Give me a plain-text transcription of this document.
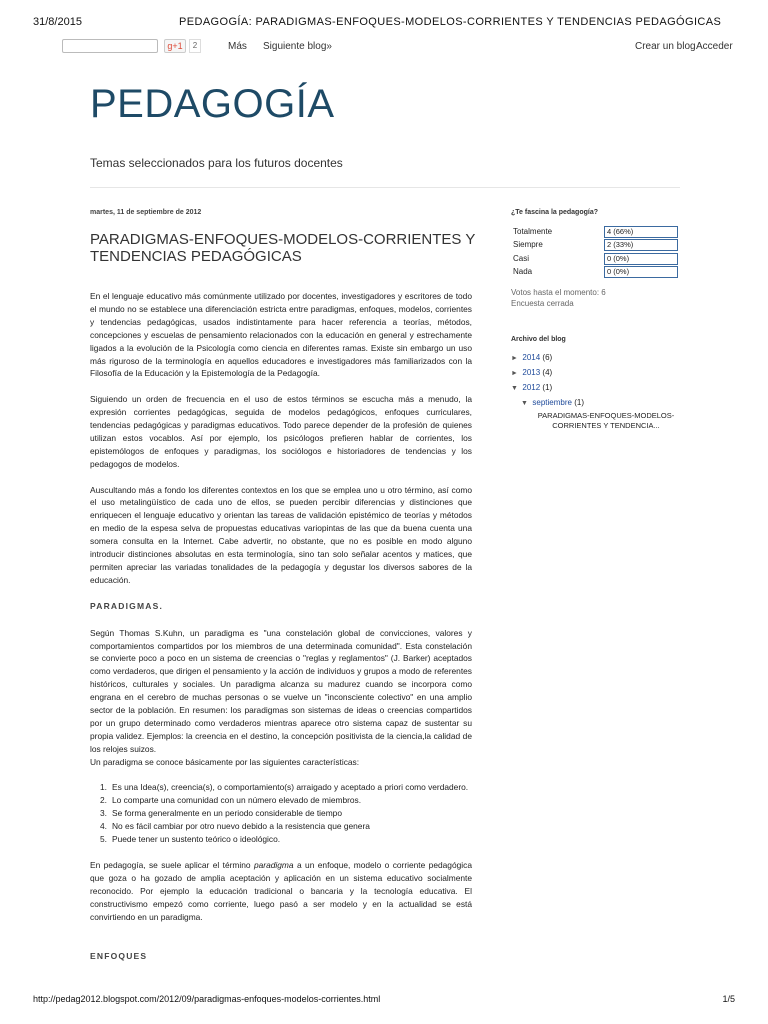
31/8/2015	PEDAGOGÍA: PARADIGMAS-ENFOQUES-MODELOS-CORRIENTES Y TENDENCIAS PEDAGÓGICAS
g+1	2	Más Siguiente blog»	Crear un blog Acceder
PEDAGOGÍA
Temas seleccionados para los futuros docentes
martes, 11 de septiembre de 2012
PARADIGMAS-ENFOQUES-MODELOS-CORRIENTES Y TENDENCIAS PEDAGÓGICAS

En el lenguaje educativo más comúnmente utilizado por docentes, investigadores y escritores de todo el mundo no se establece una diferenciación estricta entre paradigmas, enfoques, modelos, corrientes y tendencias pedagógicas, usados indistintamente para hacer referencia a teorías, métodos, concepciones y escuelas de pensamiento relacionados con la educación en general y estrechamente ligados a la evolución de la Psicología como ciencia en diferentes ramas. Existe sin embargo un uso más riguroso de la terminología en aquellos educadores e investigadores más familiarizados con la Filosofía de la Educación y la Epistemología de la Pedagogía.

Siguiendo un orden de frecuencia en el uso de estos términos se escucha más a menudo, la expresión corrientes pedagógicas, seguida de modelos pedagógicos, enfoques curriculares, tendencias pedagógicas y paradigmas educativos. Todo parece depender de la profesión de quienes utilizan estos vocablos. Así por ejemplo, los psicólogos prefieren hablar de corrientes, los epistemólogos de enfoques y paradigmas, los sociólogos e historiadores de tendencias y los pedagogos de modelos.

Auscultando más a fondo los diferentes contextos en los que se emplea uno u otro término, así como el uso metalingüístico de cada uno de ellos, se pueden percibir diferencias y distinciones que enriquecen el lenguaje educativo y orientan las tareas de validación epistémico de teorías y métodos en medio de la espesa selva de propuestas educativas variopintas de las que da buena cuenta una somera consulta en la Internet. Cabe advertir, no obstante, que no es posible en modo alguno introducir distinciones absolutas en esta terminología, sino tan solo señalar acentos y matices, que permiten apreciar las variadas tonalidades de la pedagogía y degustar los diversos sabores de la educación.

PARADIGMAS.

Según Thomas S.Kuhn, un paradigma es "una constelación global de convicciones, valores y comportamientos compartidos por los miembros de una determinada comunidad". Esta constelación se convierte poco a poco en un sistema de creencias o "reglas y reglamentos" (J. Barker) aceptados como verdaderos, que dirigen el pensamiento y la acción de individuos y grupos a modo de referentes históricos, culturales y sociales. Un paradigma alcanza su madurez cuando se incorpora como engrana en el cerebro de muchas personas o se vuelve un "inconsciente colectivo" en una amplio sector de la población. En resumen: los paradigmas son sistemas de ideas o creencias compartidos por un grupo determinado como verdaderos mientras aparece otro sistema capaz de sustentar su propia validez. Ejemplos: la creencia en el destino, la concepción positivista de la ciencia,la calidad de los relojes suizos.

Un paradigma se conoce básicamente por las siguientes características:

1. Es una Idea(s), creencia(s), o comportamiento(s) arraigado y aceptado a priori como verdadero.
2. Lo comparte una comunidad con un número elevado de miembros.
3. Se forma generalmente en un periodo considerable de tiempo
4. No es fácil cambiar por otro nuevo debido a la resistencia que genera
5. Puede tener un sustento teórico o ideológico.

En pedagogía, se suele aplicar el término paradigma a un enfoque, modelo o corriente pedagógica que goza o ha gozado de amplia aceptación y aplicación en un sistema educativo socialmente reconocido. Por ejemplo la educación tradicional o bancaria y la tecnología educativa. El constructivismo empezó como corriente, luego pasó a ser modelo y en la actualidad se está convirtiendo en un paradigma.

ENFOQUES
¿Te fascina la pedagogía?
Totalmente	4 (66%)
Siempre	2 (33%)
Casi	0 (0%)
Nada	0 (0%)
Votos hasta el momento: 6
Encuesta cerrada
Archivo del blog
► 2014 (6)
► 2013 (4)
▼ 2012 (1)
▼ septiembre (1)
PARADIGMAS-ENFOQUES-MODELOS-CORRIENTES Y TENDENCIA...
http://pedag2012.blogspot.com/2012/09/paradigmas-enfoques-modelos-corrientes.html	1/5
